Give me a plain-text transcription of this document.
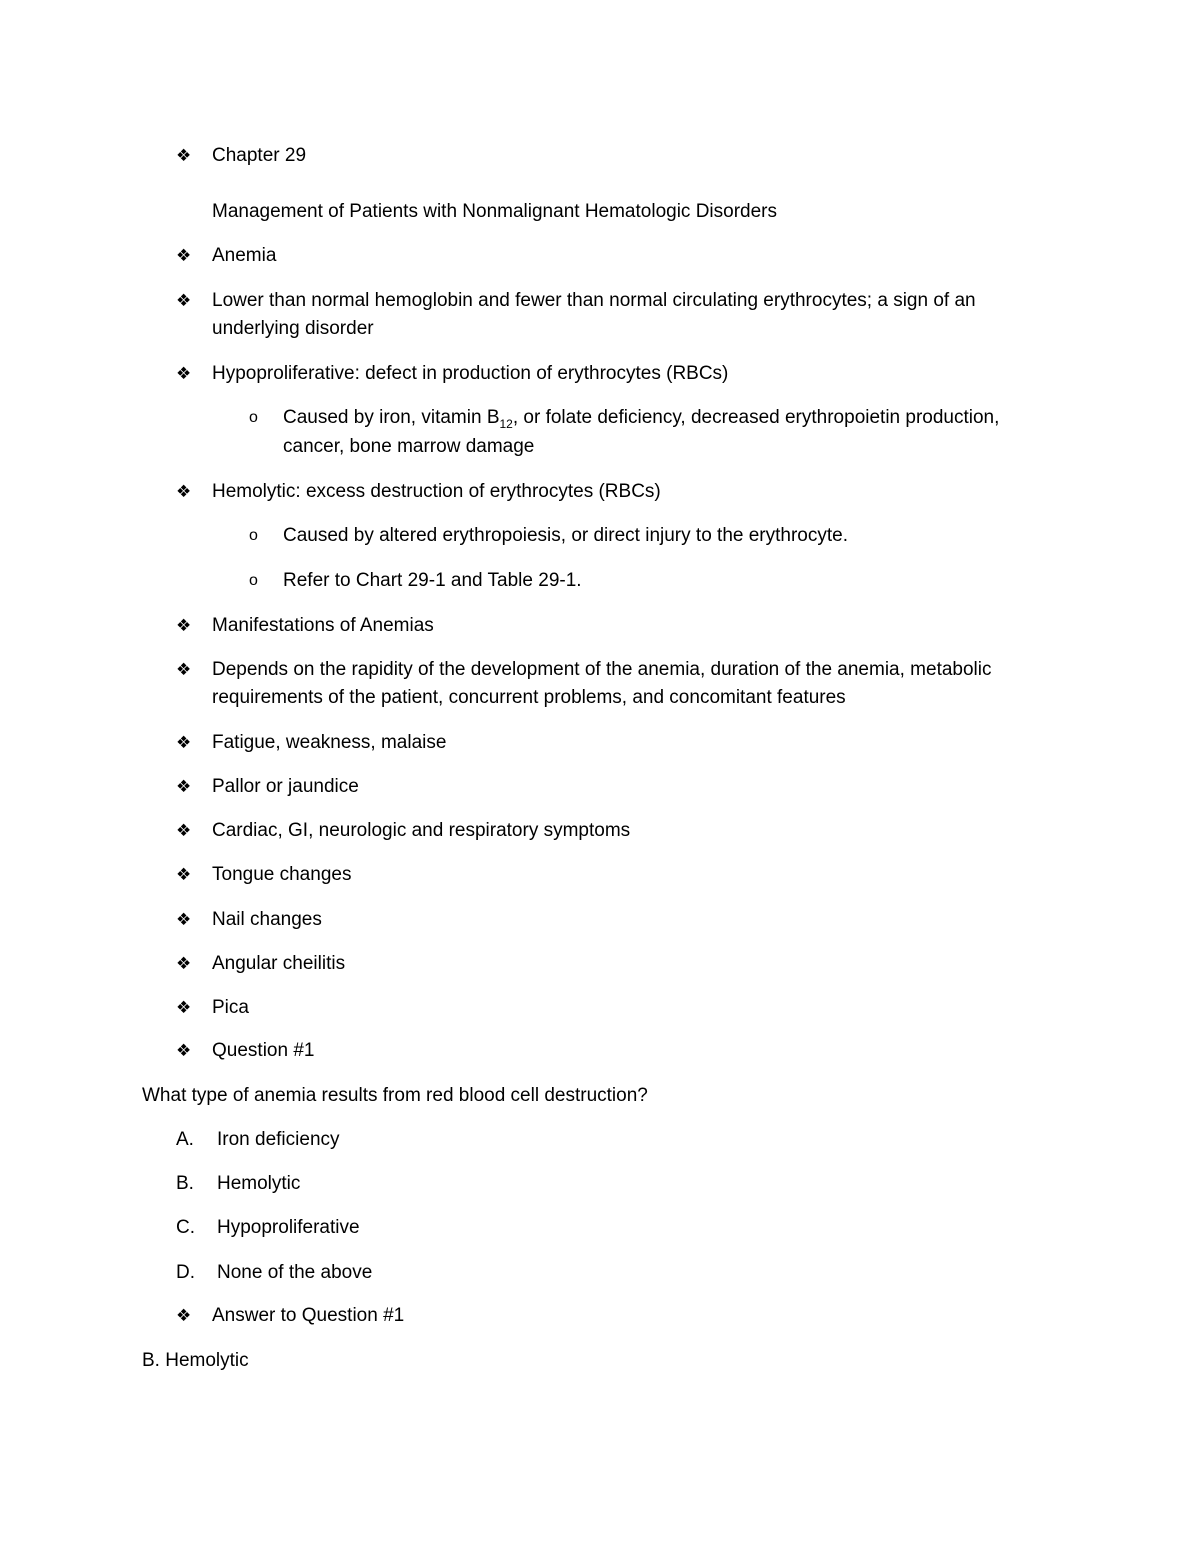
❖ Chapter 29
Management of Patients with Nonmalignant Hematologic Disorders
❖ Anemia
❖ Lower than normal hemoglobin and fewer than normal circulating erythrocytes; a sign of an
underlying disorder
❖ Hypoproliferative: defect in production of erythrocytes (RBCs)
o Caused by iron, vitamin $B_{12}$, or folate deficiency, decreased erythropoietin production,
cancer, bone marrow damage
❖ Hemolytic: excess destruction of erythrocytes (RBCs)
o Caused by altered erythropoiesis, or direct injury to the erythrocyte.
o Refer to Chart 29-1 and Table 29-1.
❖ Manifestations of Anemias
❖ Depends on the rapidity of the development of the anemia, duration of the anemia, metabolic
requirements of the patient, concurrent problems, and concomitant features
❖ Fatigue, weakness, malaise
❖ Pallor or jaundice
❖ Cardiac, GI, neurologic and respiratory symptoms
❖ Tongue changes
❖ Nail changes
❖ Angular cheilitis
❖ Pica
❖ Question #1
What type of anemia results from red blood cell destruction?
A. Iron deficiency
B. Hemolytic
C. Hypoproliferative
D. None of the above
❖ Answer to Question #1
B. Hemolytic
